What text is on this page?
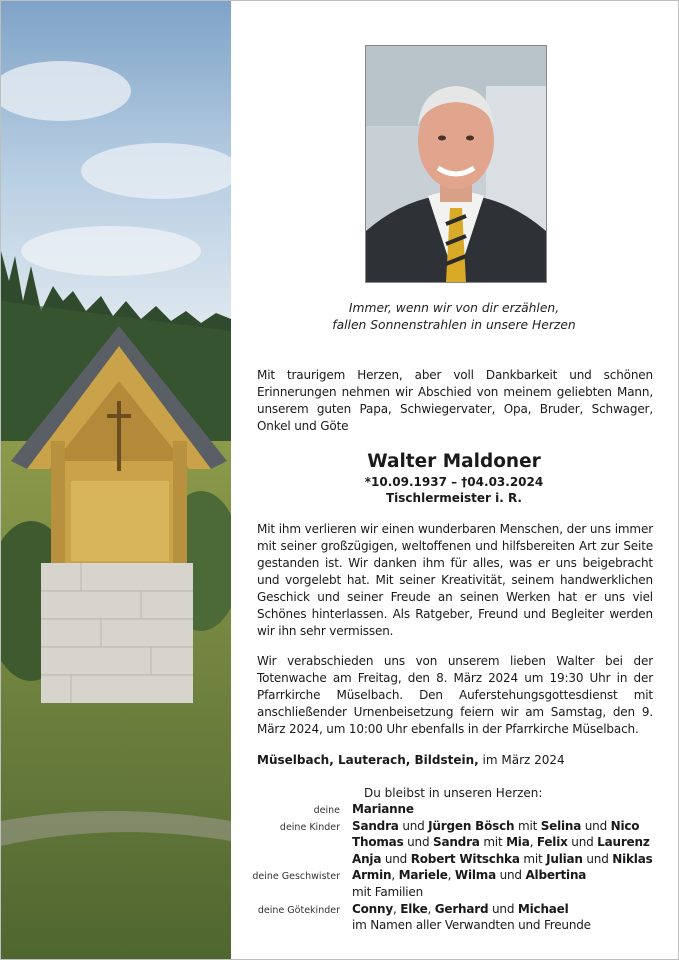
Immer, wenn wir von dir erzählen,
fallen Sonnenstrahlen in unsere Herzen
Mit traurigem Herzen, aber voll Dankbarkeit und schönen Erinnerungen nehmen wir Abschied von meinem geliebten Mann, unserem guten Papa, Schwiegervater, Opa, Bruder, Schwager, Onkel und Göte
Walter Maldoner
*10.09.1937 – †04.03.2024
Tischlermeister i. R.
Mit ihm verlieren wir einen wunderbaren Menschen, der uns immer mit seiner großzügigen, weltoffenen und hilfsbereiten Art zur Seite gestanden ist. Wir danken ihm für alles, was er uns beigebracht und vorgelebt hat. Mit seiner Kreativität, seinem handwerklichen Geschick und seiner Freude an seinen Werken hat er uns viel Schönes hinterlassen. Als Ratgeber, Freund und Begleiter werden wir ihn sehr vermissen.
Wir verabschieden uns von unserem lieben Walter bei der Totenwache am Freitag, den 8. März 2024 um 19:30 Uhr in der Pfarrkirche Müselbach. Den Auferstehungsgottesdienst mit anschließender Urnenbeisetzung feiern wir am Samstag, den 9. März 2024, um 10:00 Uhr ebenfalls in der Pfarrkirche Müselbach.
Müselbach, Lauterach, Bildstein, im März 2024
Du bleibst in unseren Herzen:
deine	Marianne
deine Kinder	Sandra und Jürgen Bösch mit Selina und Nico
Thomas und Sandra mit Mia, Felix und Laurenz
Anja und Robert Witschka mit Julian und Niklas
deine Geschwister	Armin, Mariele, Wilma und Albertina
mit Familien
deine Götekinder	Conny, Elke, Gerhard und Michael
im Namen aller Verwandten und Freunde
